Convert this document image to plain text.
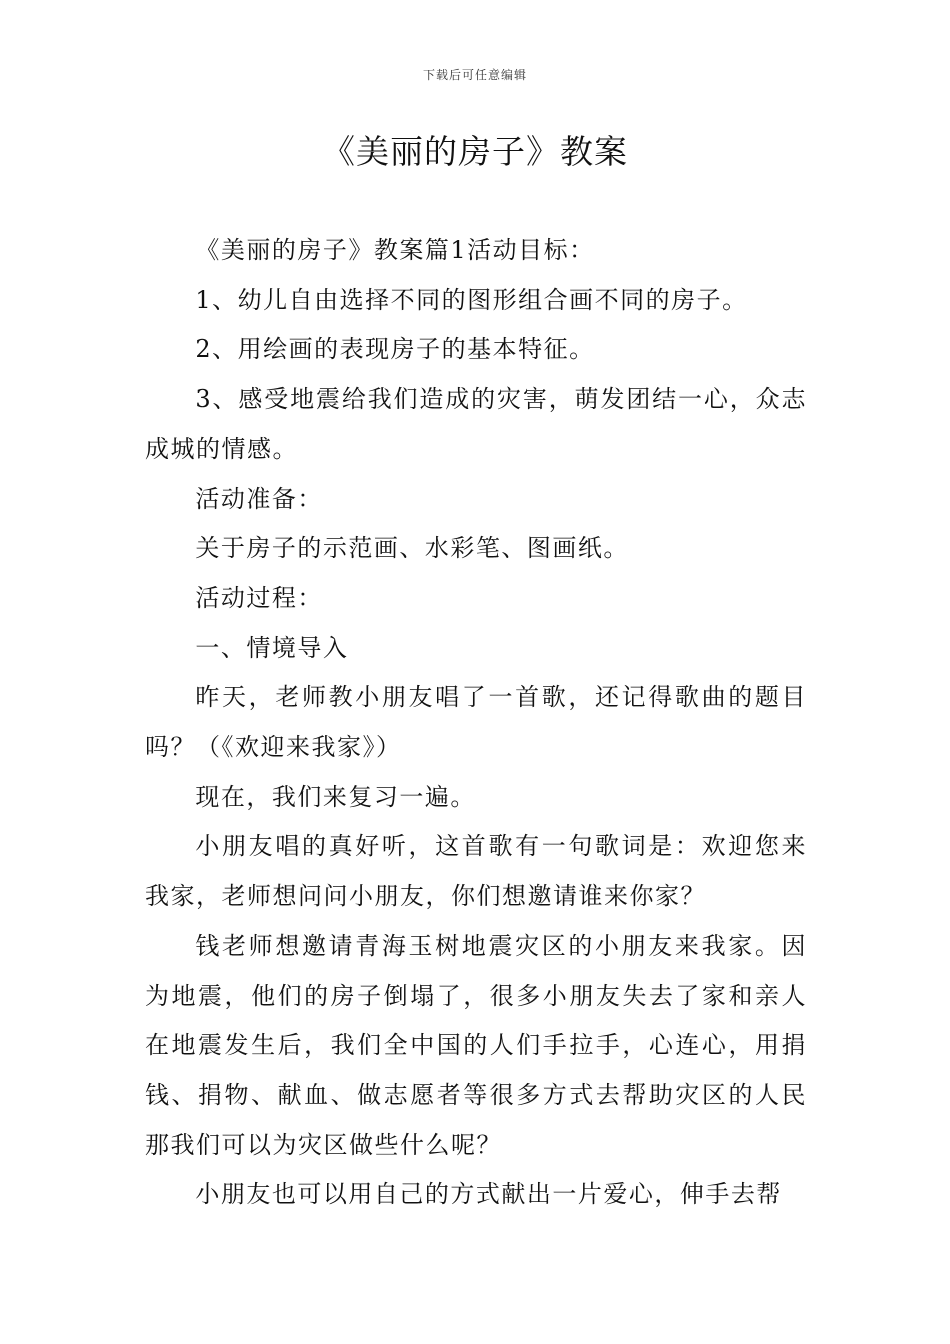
下载后可任意编辑
《美丽的房子》教案

《美丽的房子》教案篇1活动目标：

1、幼儿自由选择不同的图形组合画不同的房子。

2、用绘画的表现房子的基本特征。

3、感受地震给我们造成的灾害，萌发团结一心，众志成城的情感。

活动准备：

关于房子的示范画、水彩笔、图画纸。

活动过程：

一、情境导入

昨天，老师教小朋友唱了一首歌，还记得歌曲的题目吗？（《欢迎来我家》）

现在，我们来复习一遍。

小朋友唱的真好听，这首歌有一句歌词是：欢迎您来我家，老师想问问小朋友，你们想邀请谁来你家？

钱老师想邀请青海玉树地震灾区的小朋友来我家。因为地震，他们的房子倒塌了，很多小朋友失去了家和亲人在地震发生后，我们全中国的人们手拉手，心连心，用捐钱、捐物、献血、做志愿者等很多方式去帮助灾区的人民那我们可以为灾区做些什么呢？

小朋友也可以用自己的方式献出一片爱心，伸手去帮
